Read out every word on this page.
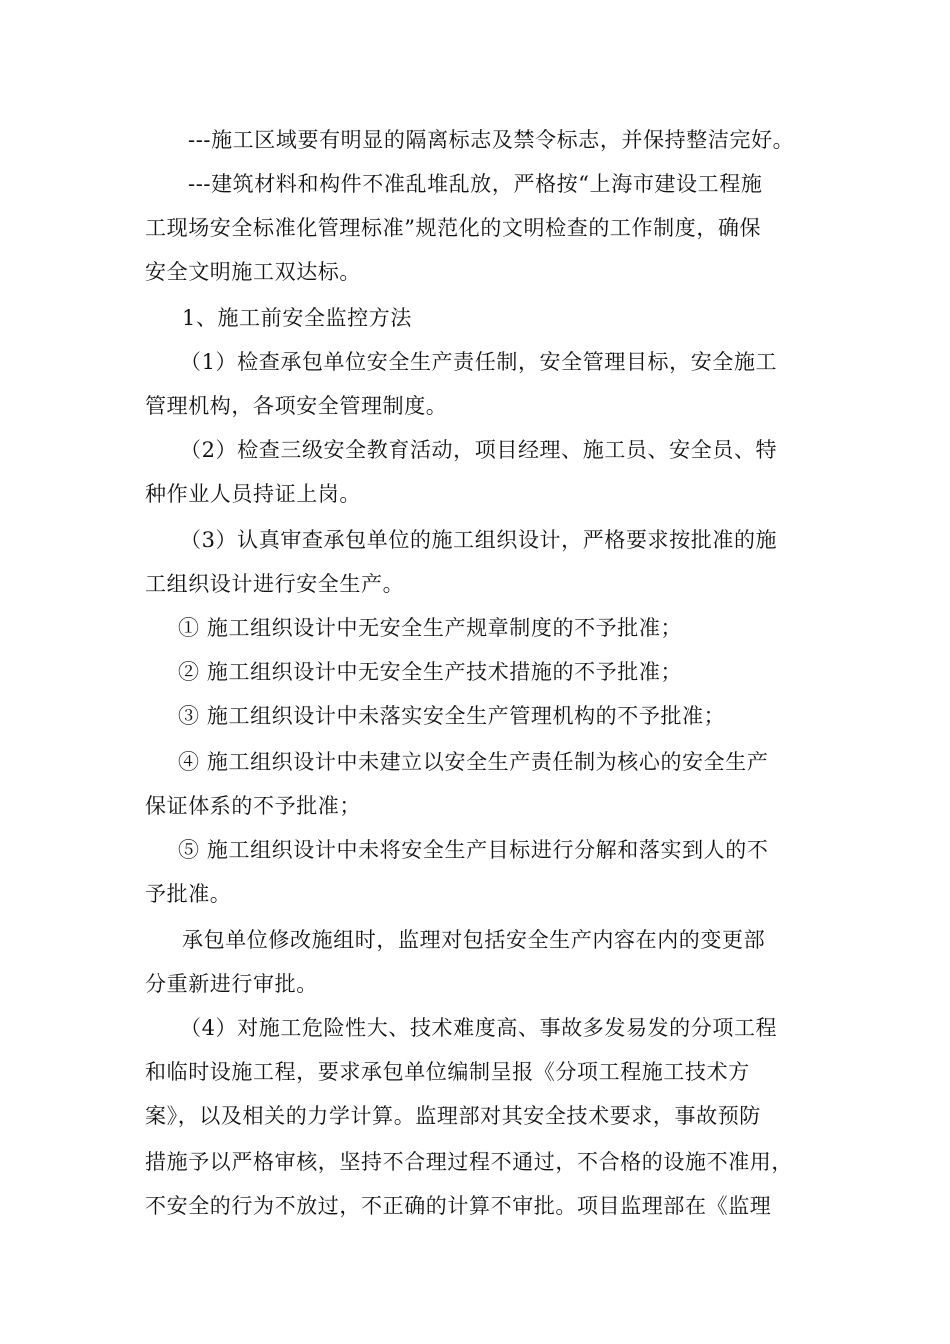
---施工区域要有明显的隔离标志及禁令标志，并保持整洁完好。
---建筑材料和构件不准乱堆乱放，严格按“上海市建设工程施
工现场安全标准化管理标准”规范化的文明检查的工作制度，确保
安全文明施工双达标。
1、施工前安全监控方法
（1）检查承包单位安全生产责任制，安全管理目标，安全施工
管理机构，各项安全管理制度。
（2）检查三级安全教育活动，项目经理、施工员、安全员、特
种作业人员持证上岗。
（3）认真审查承包单位的施工组织设计，严格要求按批准的施
工组织设计进行安全生产。
① 施工组织设计中无安全生产规章制度的不予批准；
② 施工组织设计中无安全生产技术措施的不予批准；
③ 施工组织设计中未落实安全生产管理机构的不予批准；
④ 施工组织设计中未建立以安全生产责任制为核心的安全生产
保证体系的不予批准；
⑤ 施工组织设计中未将安全生产目标进行分解和落实到人的不
予批准。
承包单位修改施组时，监理对包括安全生产内容在内的变更部
分重新进行审批。
（4）对施工危险性大、技术难度高、事故多发易发的分项工程
和临时设施工程，要求承包单位编制呈报《分项工程施工技术方
案》，以及相关的力学计算。监理部对其安全技术要求，事故预防
措施予以严格审核，坚持不合理过程不通过，不合格的设施不准用，
不安全的行为不放过，不正确的计算不审批。项目监理部在《监理
